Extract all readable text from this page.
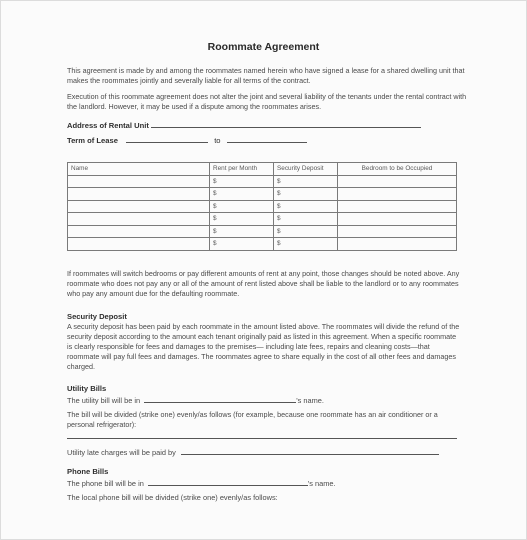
Roommate Agreement
This agreement is made by and among the roommates named herein who have signed a lease for a shared dwelling unit that makes the roommates jointly and severally liable for all terms of the contract.
Execution of this roommate agreement does not alter the joint and several liability of the tenants under the rental contract with the landlord. However, it may be used if a dispute among the roommates arises.
Address of Rental Unit
Term of Lease	to
Name	Rent per Month	Security Deposit	Bedroom to be Occupied
	$	$	
	$	$	
	$	$	
	$	$	
	$	$	
	$	$	
If roommates will switch bedrooms or pay different amounts of rent at any point, those changes should be noted above. Any roommate who does not pay any or all of the amount of rent listed above shall be liable to the landlord or to any roommates who pay any amount due for the defaulting roommate.
Security Deposit
A security deposit has been paid by each roommate in the amount listed above. The roommates will divide the refund of the security deposit according to the amount each tenant originally paid as listed in this agreement. When a specific roommate is clearly responsible for fees and damages to the premises— including late fees, repairs and cleaning costs—that roommate will pay full fees and damages. The roommates agree to share equally in the cost of all other fees and damages charged.
Utility Bills
The utility bill will be in	's name.
The bill will be divided (strike one) evenly/as follows (for example, because one roommate has an air conditioner or a personal refrigerator):
Utility late charges will be paid by
Phone Bills
The phone bill will be in	's name.
The local phone bill will be divided (strike one) evenly/as follows:
